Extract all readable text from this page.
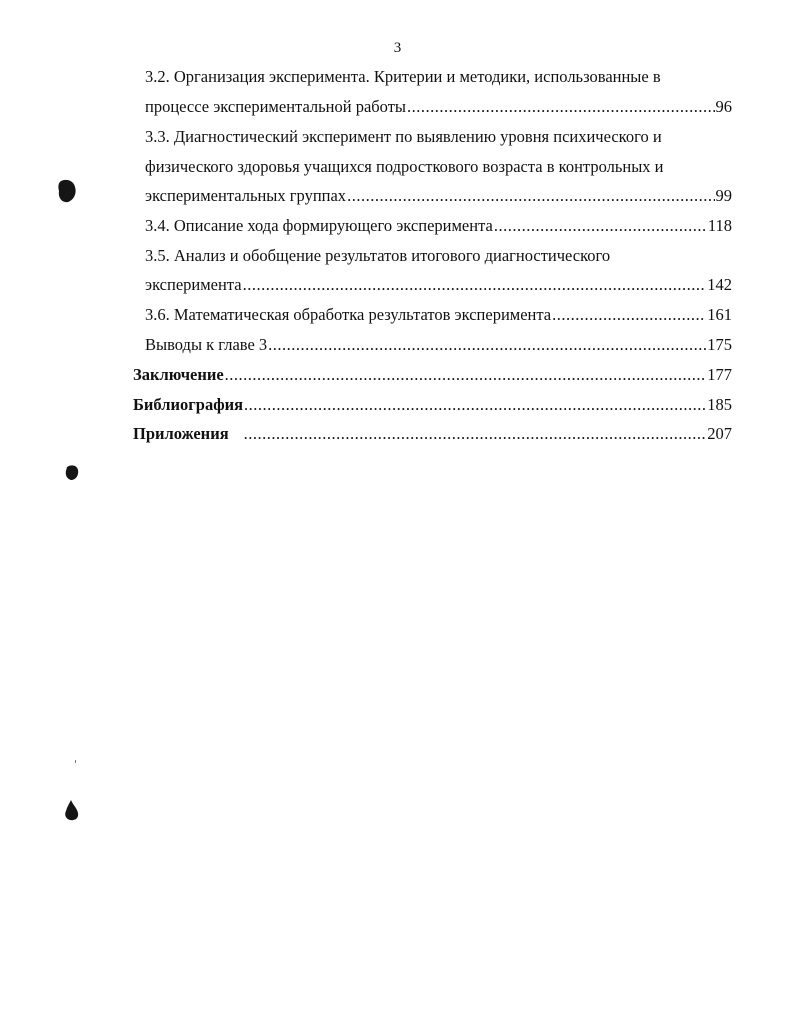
3
3.2. Организация эксперимента. Критерии и методики, использованные в
процессе экспериментальной работы .....	96
3.3. Диагностический эксперимент по выявлению уровня психического и
физического здоровья учащихся подросткового возраста в контрольных и
экспериментальных группах .....	99
3.4. Описание хода формирующего эксперимента .....	118
3.5. Анализ и обобщение результатов итогового диагностического
эксперимента .....	142
3.6. Математическая обработка результатов эксперимента .....	161
Выводы к главе 3 .....	175
Заключение .....	177
Библиография .....	185
Приложения .....	207
